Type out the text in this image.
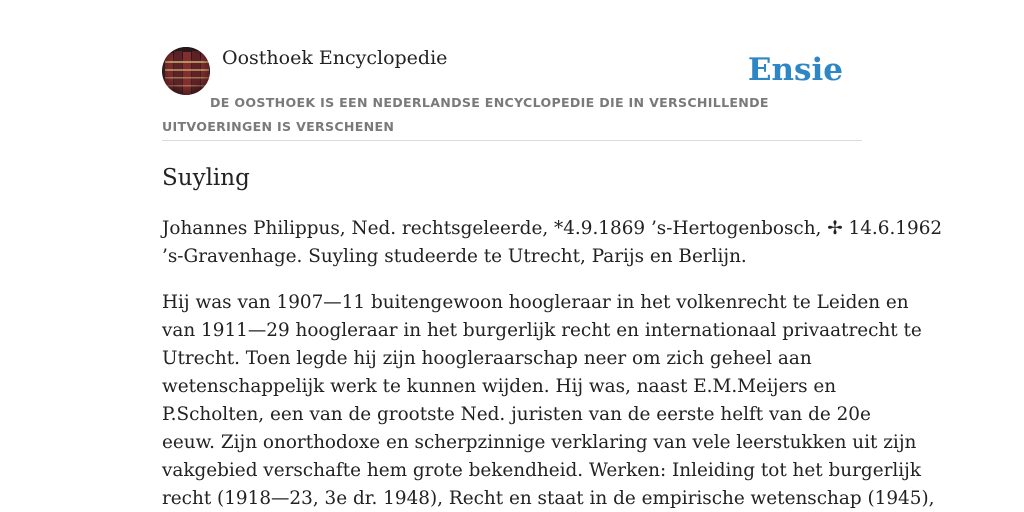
Oosthoek Encyclopedie	Ensie
DE OOSTHOEK IS EEN NEDERLANDSE ENCYCLOPEDIE DIE IN VERSCHILLENDE UITVOERINGEN IS VERSCHENEN
Suyling

Johannes Philippus, Ned. rechtsgeleerde, *4.9.1869 ’s-Hertogenbosch, ✢ 14.6.1962
’s-Gravenhage. Suyling studeerde te Utrecht, Parijs en Berlijn.

Hij was van 1907—11 buitengewoon hoogleraar in het volkenrecht te Leiden en
van 1911—29 hoogleraar in het burgerlijk recht en internationaal privaatrecht te
Utrecht. Toen legde hij zijn hoogleraarschap neer om zich geheel aan
wetenschappelijk werk te kunnen wijden. Hij was, naast E.M.Meijers en
P.Scholten, een van de grootste Ned. juristen van de eerste helft van de 20e
eeuw. Zijn onorthodoxe en scherpzinnige verklaring van vele leerstukken uit zijn
vakgebied verschafte hem grote bekendheid. Werken: Inleiding tot het burgerlijk
recht (1918—23, 3e dr. 1948), Recht en staat in de empirische wetenschap (1945),
